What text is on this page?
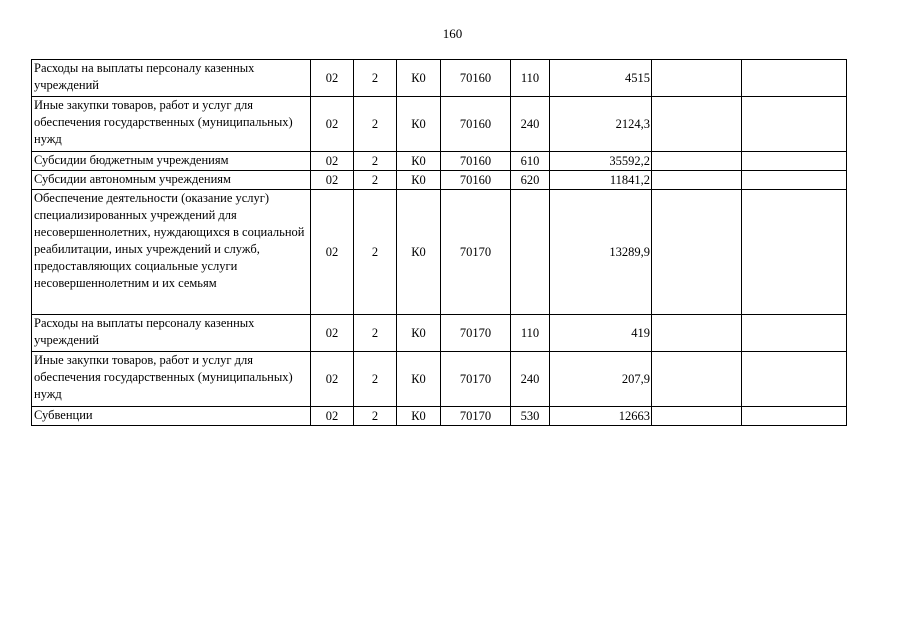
160
Расходы на выплаты персоналу казенных учреждений	02	2	К0	70160	110	4515		
Иные закупки товаров, работ и услуг для обеспечения государственных (муниципальных) нужд	02	2	К0	70160	240	2124,3		
Субсидии бюджетным учреждениям	02	2	К0	70160	610	35592,2		
Субсидии автономным учреждениям	02	2	К0	70160	620	11841,2		
Обеспечение деятельности (оказание услуг) специализированных учреждений для несовершеннолетних, нуждающихся в социальной реабилитации, иных учреждений и служб, предоставляющих социальные услуги несовершеннолетним и их семьям	02	2	К0	70170		13289,9		
Расходы на выплаты персоналу казенных учреждений	02	2	К0	70170	110	419		
Иные закупки товаров, работ и услуг для обеспечения государственных (муниципальных) нужд	02	2	К0	70170	240	207,9		
Субвенции	02	2	К0	70170	530	12663		
